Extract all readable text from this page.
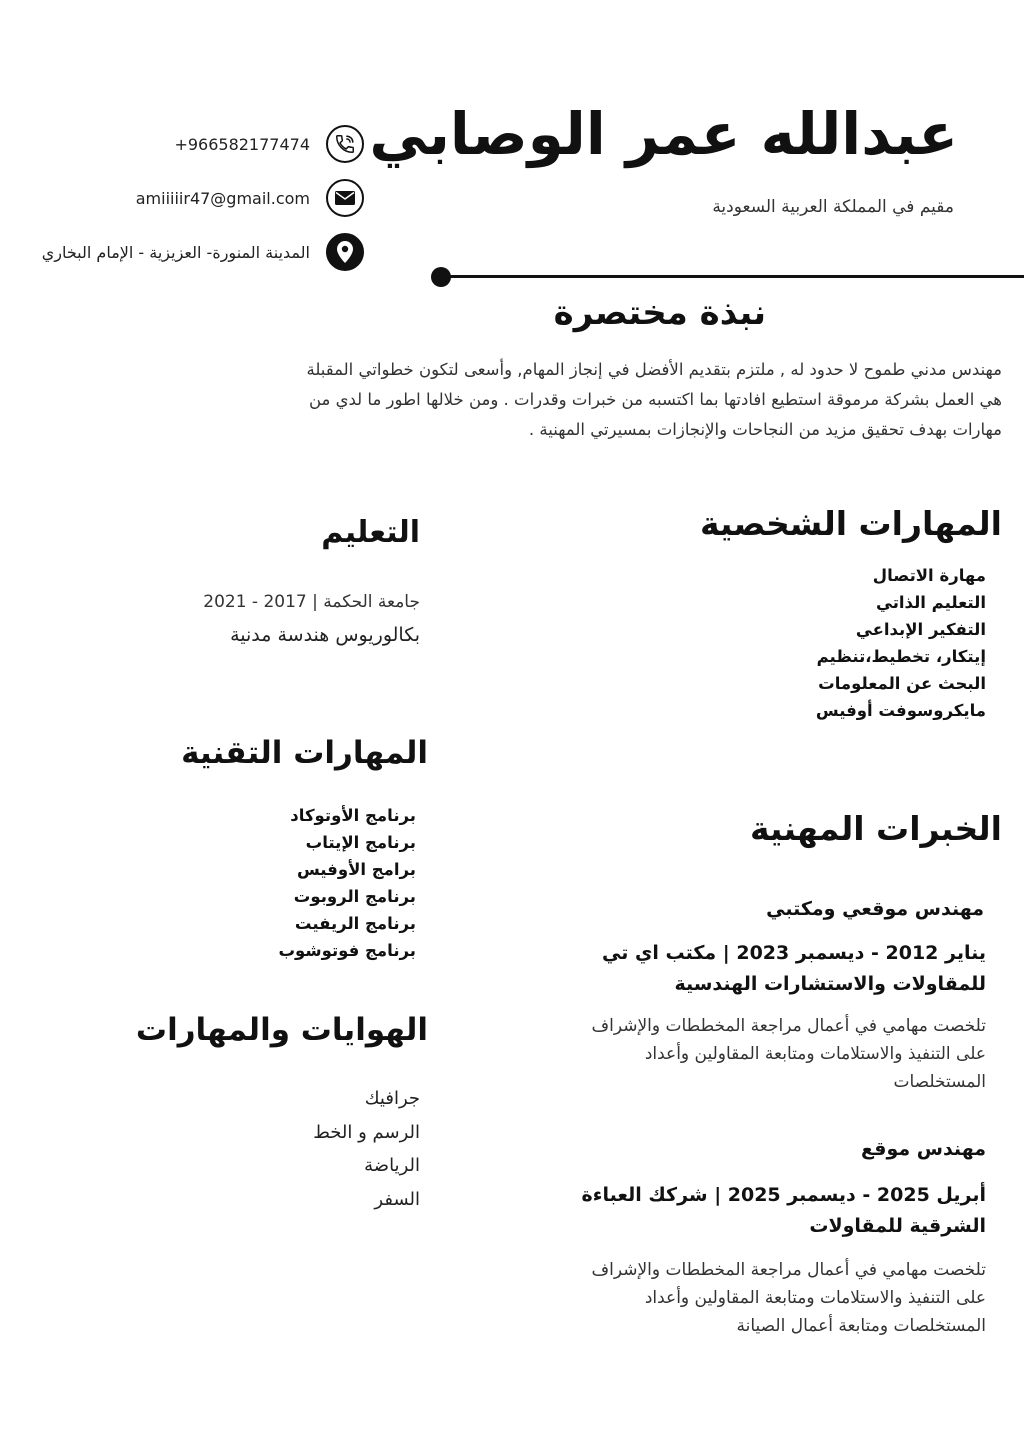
عبدالله عمر الوصابي
مقيم في المملكة العربية السعودية
+966582177474
amiiiiir47@gmail.com
المدينة المنورة- العزيزية - الإمام البخاري
نبذة مختصرة
مهندس مدني طموح لا حدود له , ملتزم بتقديم الأفضل في إنجاز المهام, وأسعى لتكون خطواتي المقبلة
هي العمل بشركة مرموقة استطيع افادتها بما اكتسبه من خبرات وقدرات . ومن خلالها اطور ما لدي من
مهارات بهدف تحقيق مزيد من النجاحات والإنجازات بمسيرتي المهنية .
المهارات الشخصية
مهارة الاتصال
التعليم الذاتي
التفكير الإبداعي
إيتكار، تخطيط،تنظيم
البحث عن المعلومات
مايكروسوفت أوفيس
الخبرات المهنية
مهندس موقعي ومكتبي
يناير 2012 - ديسمبر 2023 | مكتب اي تي
للمقاولات والاستشارات الهندسية
تلخصت مهامي في أعمال مراجعة المخططات والإشراف
على التنفيذ والاستلامات ومتابعة المقاولين وأعداد
المستخلصات
مهندس موقع
أبريل 2025 - ديسمبر 2025 | شركك العباءة
الشرقية للمقاولات
تلخصت مهامي في أعمال مراجعة المخططات والإشراف
على التنفيذ والاستلامات ومتابعة المقاولين وأعداد
المستخلصات ومتابعة أعمال الصيانة
التعليم
جامعة الحكمة | 2017 - 2021
بكالوريوس هندسة مدنية
المهارات التقنية
برنامج الأوتوكاد
برنامج الإيتاب
برامج الأوفيس
برنامج الروبوت
برنامج الريفيت
برنامج فوتوشوب
الهوايات والمهارات
جرافيك
الرسم و الخط
الرياضة
السفر
